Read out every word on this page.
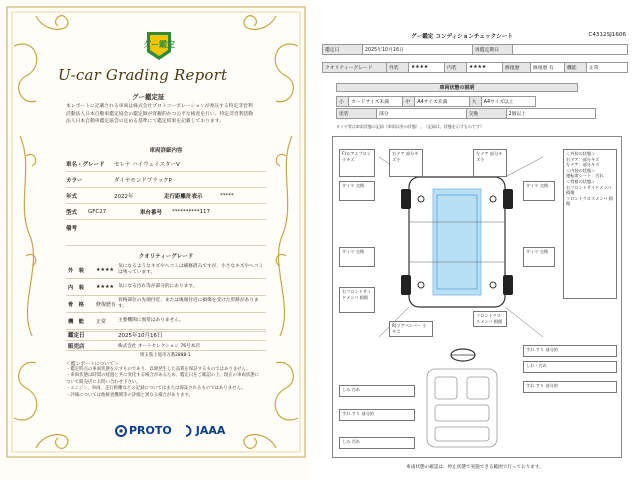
グー鑑定
U-car Grading Report
グー鑑定証
本レポートに記載される車両は株式会社プロトコーポレーションが委託する特定非営利活動法人日本自動車鑑定協会の鑑定師が客観的かつ公平な検査を行い、特定非営利活動法人日本自動車鑑定協会の定める基準にて鑑定結果を記載しております。
車両詳細内容
車名・グレード	セレナ ハイウェイスターV
カラー	ダイヤモンドブラックP
年式	2022年	走行距離計表示	*****
型式	GFC27	車台番号	**********117
備考
クオリティーグレード
外　装	★★★★
気になるようなキズやヘコミは補修済みですが、小さなキズやヘコミは残っています。
内　装	★★★★ 気になる汚れ等が部分的にあります。
骨　格	修復歴有
骨格部位の先端付近、または後端付近に損傷を受けた形跡があります。
機　能	正常	主要機関に異常はありません。
鑑定日	2025年10月16日
販売店	株式会社 オートセレクション 76号本店
埼玉県上尾市五番2888-1
＜鑑レポートについて＞
・鑑定時点の車両状態を示すものであり、以降発生した品質を保証するものではありません。
・車両状態は時間の経過と共に変化する場合があるため、鑑定日をご確認の上、現在の車両状態について販売店にお問い合わせ下さい。
・エンジン、車両、走行距離などの記録についてはまたは保証されるものではありません。
・評価については他検査機関等の評価と異なる場合があります。
PROTO JAAA
グー鑑定 コンディションチェックシート	C4312SJ1606
鑑定日	2025年10月16日	再鑑定期日	
クオリティーグレード	外装	★★★★	内装	★★★★	修復歴	修復歴 有	機能	正常
車両状態の説明
小	カードサイズ未満	中	A4サイズ未満	大	A4サイズ以上
塗装	部分	交換	2個以上
タイヤ等は車両状態の記録（車両以外の状態）。（記録は、状態を示すものです）
F)ロアエプロン 小キズ
右ドア 部分キズ小
左ドア 部分キズ小
ダイヤ 交換	ダイヤ 交換
ダイヤ 交換	ダイヤ 交換
右フロントサイドメンバ 損傷
フロントクロスメンバ 損傷
R)リアバンパー 小キズ
＜外装の状態＞
右ドア：部分キズ
左ドア：部分キズ
＜内装の状態＞
運転席シート：汚れ
＜骨格の状態＞
右フロントサイドメンバ 損傷
フロントクロスメンバ 損傷
すれ すり 部分的
しわ・汚れ
すれ すり 部分的
しみ 汚れ
すれ すり 部分的
しみ 汚れ
車両状態の確認は、停止状態で実施できる範囲で行っております。
